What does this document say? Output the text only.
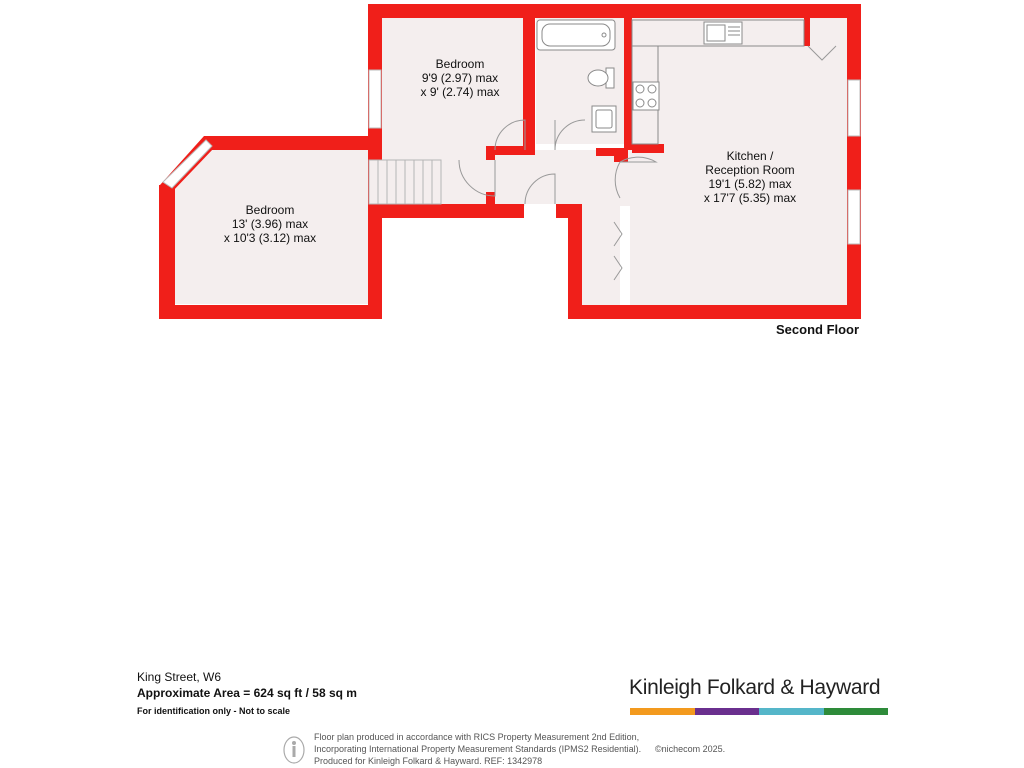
Bedroom
9'9 (2.97) max
x 9' (2.74) max
Bedroom
13' (3.96) max
x 10'3 (3.12) max
Kitchen /
Reception Room
19'1 (5.82) max
x 17'7 (5.35) max
Second Floor
King Street, W6
Approximate Area = 624 sq ft / 58 sq m
For identification only - Not to scale
Kinleigh Folkard & Hayward
Floor plan produced in accordance with RICS Property Measurement 2nd Edition,
Incorporating International Property Measurement Standards (IPMS2 Residential).
Produced for Kinleigh Folkard & Hayward. REF: 1342978
©nichecom 2025.
